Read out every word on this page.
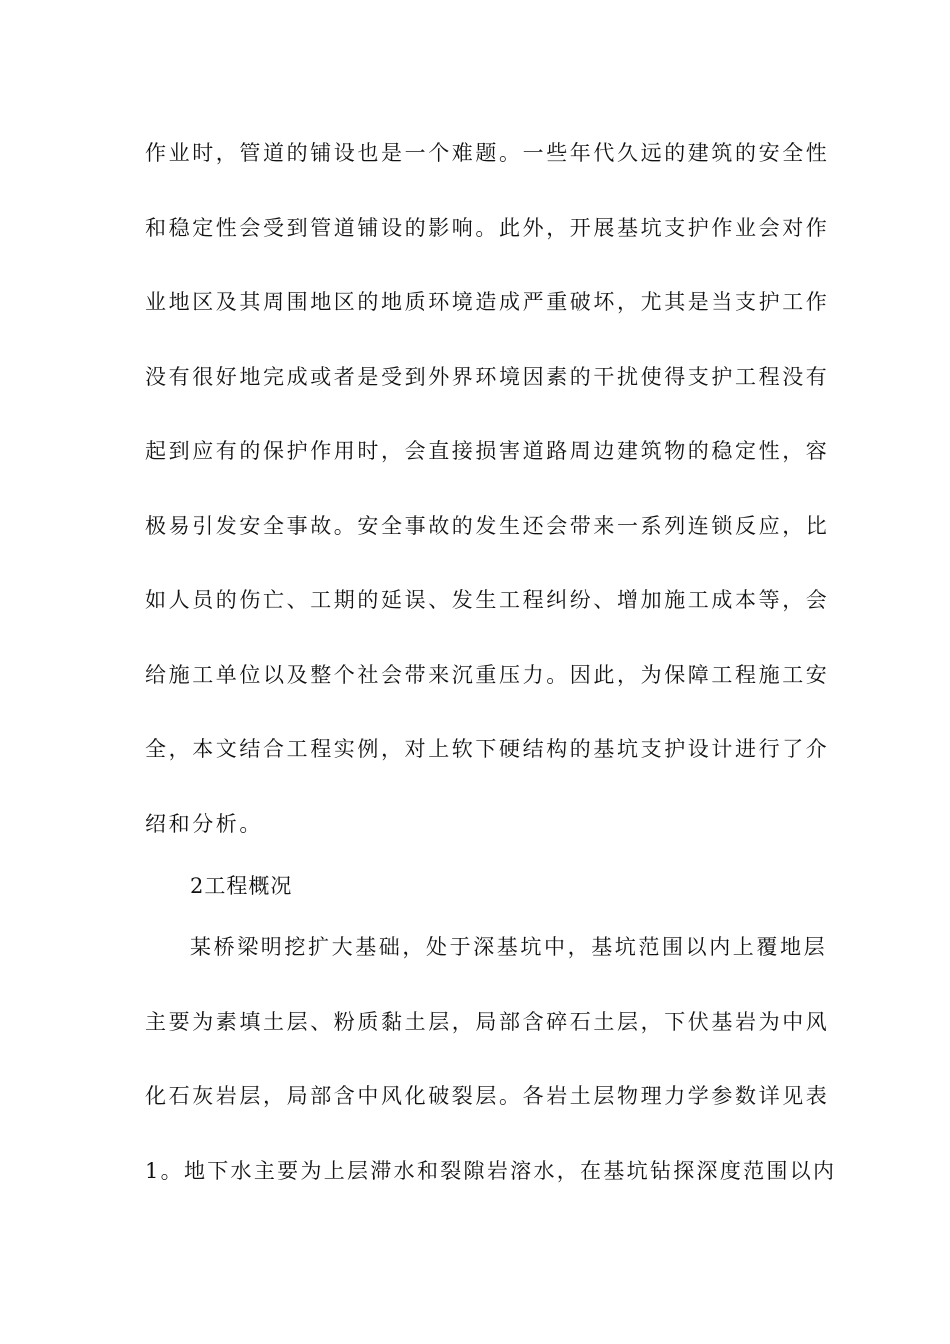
作业时，管道的铺设也是一个难题。一些年代久远的建筑的安全性
和稳定性会受到管道铺设的影响。此外，开展基坑支护作业会对作
业地区及其周围地区的地质环境造成严重破坏，尤其是当支护工作
没有很好地完成或者是受到外界环境因素的干扰使得支护工程没有
起到应有的保护作用时，会直接损害道路周边建筑物的稳定性，容
极易引发安全事故。安全事故的发生还会带来一系列连锁反应，比
如人员的伤亡、工期的延误、发生工程纠纷、增加施工成本等，会
给施工单位以及整个社会带来沉重压力。因此，为保障工程施工安
全，本文结合工程实例，对上软下硬结构的基坑支护设计进行了介
绍和分析。
2工程概况
某桥梁明挖扩大基础，处于深基坑中，基坑范围以内上覆地层
主要为素填土层、粉质黏土层，局部含碎石土层，下伏基岩为中风
化石灰岩层，局部含中风化破裂层。各岩土层物理力学参数详见表
1。地下水主要为上层滞水和裂隙岩溶水，在基坑钻探深度范围以内
